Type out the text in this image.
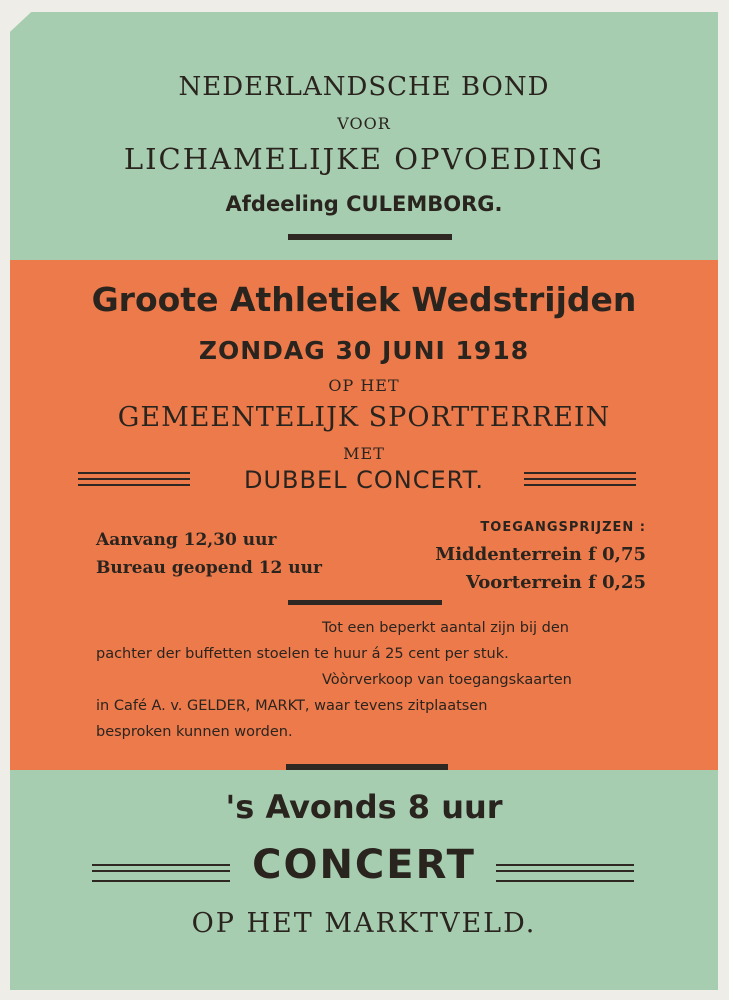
NEDERLANDSCHE BOND
VOOR
LICHAMELIJKE OPVOEDING
Afdeeling CULEMBORG.
Groote Athletiek Wedstrijden
ZONDAG 30 JUNI 1918
OP HET
GEMEENTELIJK SPORTTERREIN
MET
DUBBEL CONCERT.
Aanvang 12,30 uur
Bureau geopend 12 uur
TOEGANGSPRIJZEN :
Middenterrein f 0,75
Voorterrein f 0,25
Tot een beperkt aantal zijn bij den
pachter der buffetten stoelen te huur á 25 cent per stuk.
Vòòrverkoop van toegangskaarten
in Café A. v. GELDER, MARKT, waar tevens zitplaatsen
besproken kunnen worden.
's Avonds 8 uur
CONCERT
OP HET MARKTVELD.
